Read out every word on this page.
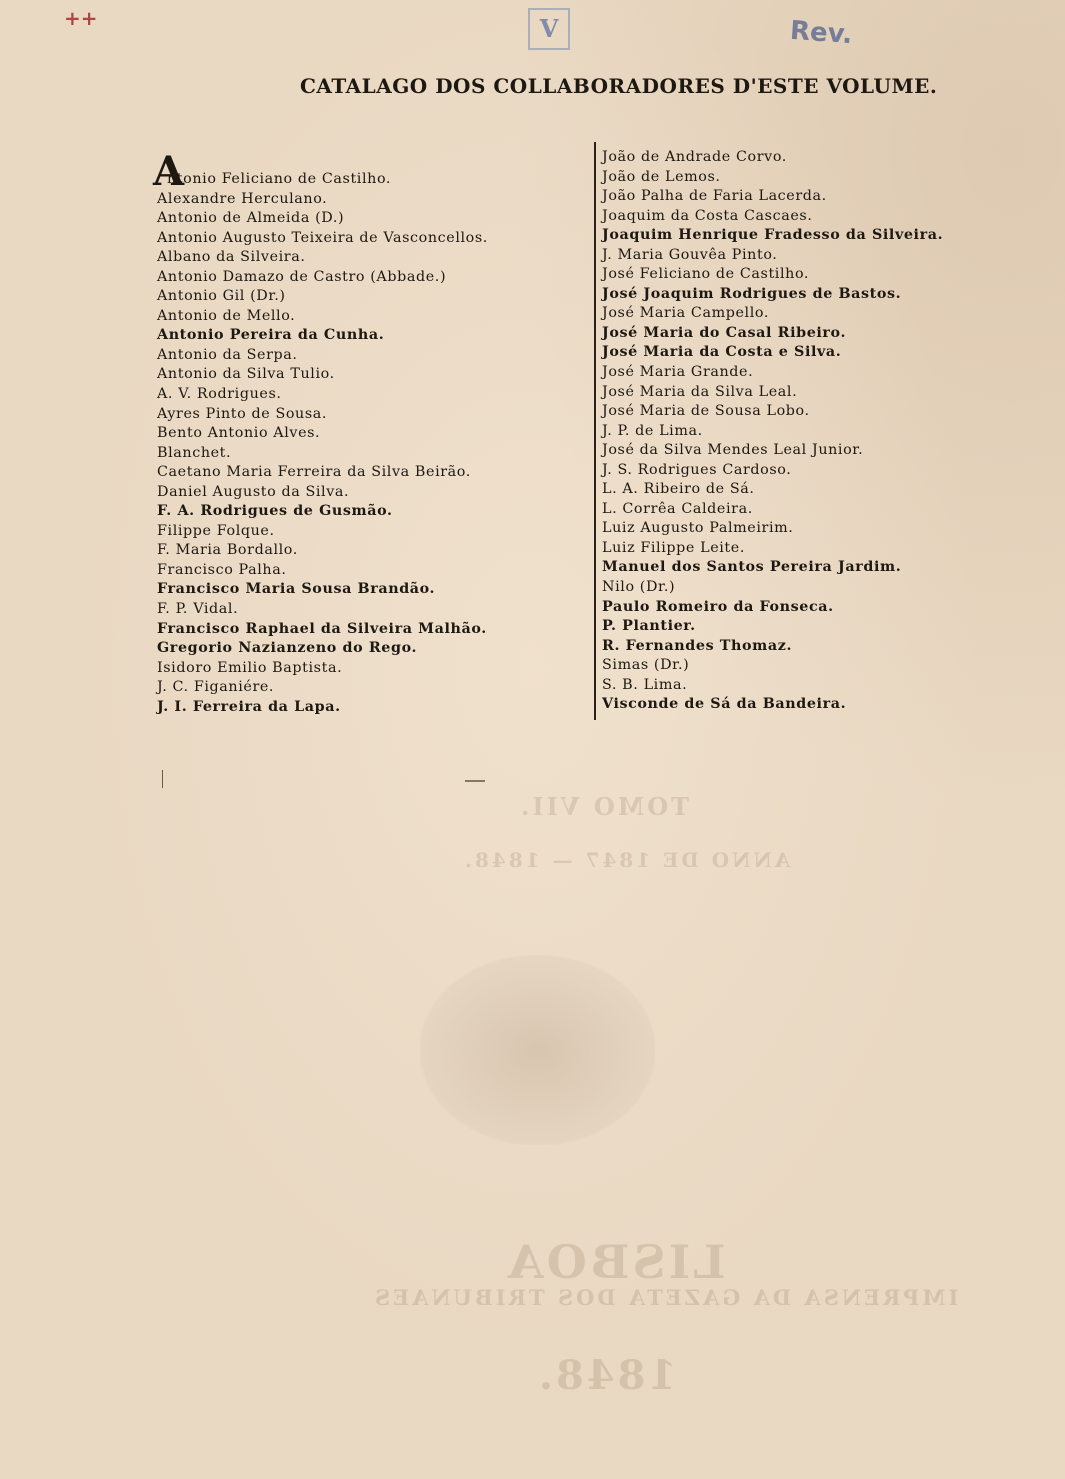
TOMO VII.
ANNO DE 1847 — 1848.
LISBOA
IMPRENSA DA GAZETA DOS TRIBUNAES
1848.
++	V	Rev.
CATALAGO DOS COLLABORADORES D'ESTE VOLUME.
A
ntonio Feliciano de Castilho.
Alexandre Herculano.
Antonio de Almeida (D.)
Antonio Augusto Teixeira de Vasconcellos.
Albano da Silveira.
Antonio Damazo de Castro (Abbade.)
Antonio Gil (Dr.)
Antonio de Mello.
Antonio Pereira da Cunha.
Antonio da Serpa.
Antonio da Silva Tulio.
A. V. Rodrigues.
Ayres Pinto de Sousa.
Bento Antonio Alves.
Blanchet.
Caetano Maria Ferreira da Silva Beirão.
Daniel Augusto da Silva.
F. A. Rodrigues de Gusmão.
Filippe Folque.
F. Maria Bordallo.
Francisco Palha.
Francisco Maria Sousa Brandão.
F. P. Vidal.
Francisco Raphael da Silveira Malhão.
Gregorio Nazianzeno do Rego.
Isidoro Emilio Baptista.
J. C. Figaniére.
J. I. Ferreira da Lapa.
João de Andrade Corvo.
João de Lemos.
João Palha de Faria Lacerda.
Joaquim da Costa Cascaes.
Joaquim Henrique Fradesso da Silveira.
J. Maria Gouvêa Pinto.
José Feliciano de Castilho.
José Joaquim Rodrigues de Bastos.
José Maria Campello.
José Maria do Casal Ribeiro.
José Maria da Costa e Silva.
José Maria Grande.
José Maria da Silva Leal.
José Maria de Sousa Lobo.
J. P. de Lima.
José da Silva Mendes Leal Junior.
J. S. Rodrigues Cardoso.
L. A. Ribeiro de Sá.
L. Corrêa Caldeira.
Luiz Augusto Palmeirim.
Luiz Filippe Leite.
Manuel dos Santos Pereira Jardim.
Nilo (Dr.)
Paulo Romeiro da Fonseca.
P. Plantier.
R. Fernandes Thomaz.
Simas (Dr.)
S. B. Lima.
Visconde de Sá da Bandeira.
